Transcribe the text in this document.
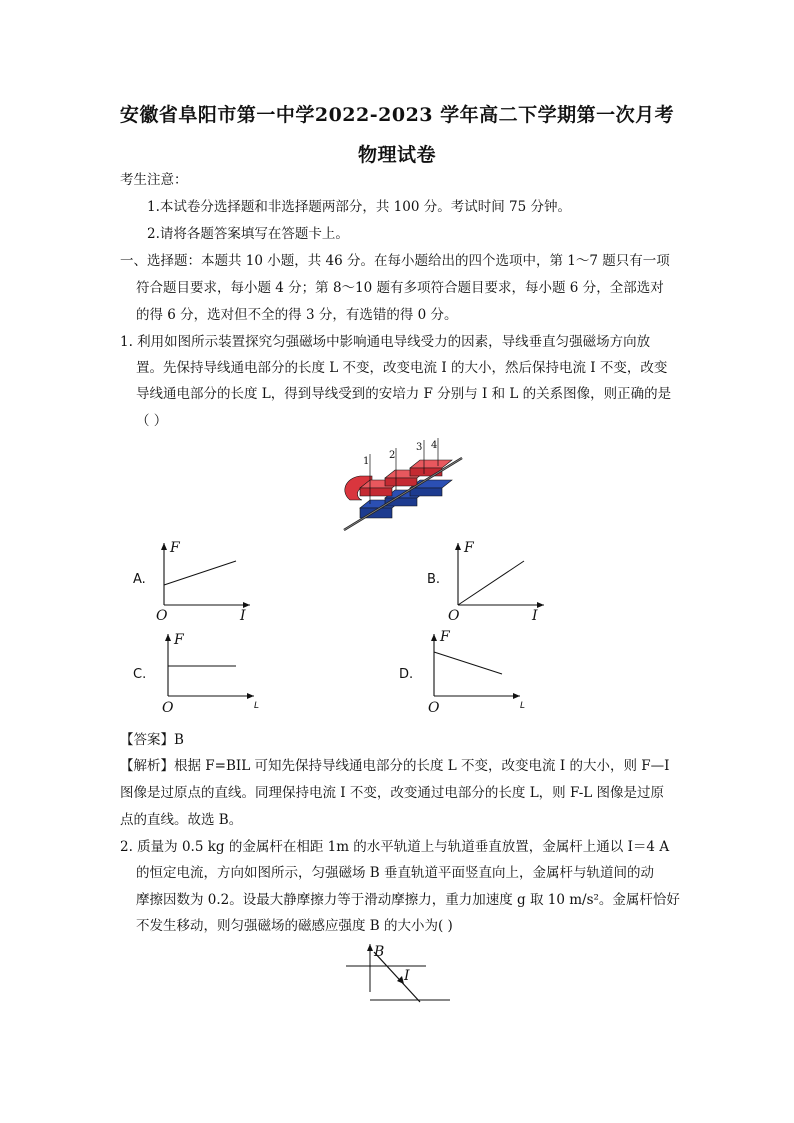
安徽省阜阳市第一中学2022-2023 学年高二下学期第一次月考
物理试卷
考生注意：
1.本试卷分选择题和非选择题两部分，共 100 分。考试时间 75 分钟。
2.请将各题答案填写在答题卡上。
一、选择题：本题共 10 小题，共 46 分。在每小题给出的四个选项中，第 1～7 题只有一项
符合题目要求，每小题 4 分；第 8～10 题有多项符合题目要求，每小题 6 分，全部选对
的得 6 分，选对但不全的得 3 分，有选错的得 0 分。
1. 利用如图所示装置探究匀强磁场中影响通电导线受力的因素，导线垂直匀强磁场方向放
置。先保持导线通电部分的长度 L 不变，改变电流 I 的大小，然后保持电流 I 不变，改变
导线通电部分的长度 L，得到导线受到的安培力 F 分别与 I 和 L 的关系图像，则正确的是
（ ）
1
2
3 4
A.
F
I
O
B.
F
I
O
C.
F
L
O
D.
F
L
O
【答案】B
【解析】根据 F=BIL 可知先保持导线通电部分的长度 L 不变，改变电流 I 的大小，则 F—I
图像是过原点的直线。同理保持电流 I 不变，改变通过电部分的长度 L，则 F-L 图像是过原
点的直线。故选 B。
2. 质量为 0.5 kg 的金属杆在相距 1m 的水平轨道上与轨道垂直放置，金属杆上通以 I＝4 A
的恒定电流，方向如图所示，匀强磁场 B 垂直轨道平面竖直向上，金属杆与轨道间的动
摩擦因数为 0.2。设最大静摩擦力等于滑动摩擦力，重力加速度 g 取 10 m/s²。金属杆恰好
不发生移动，则匀强磁场的磁感应强度 B 的大小为( )
B
I
